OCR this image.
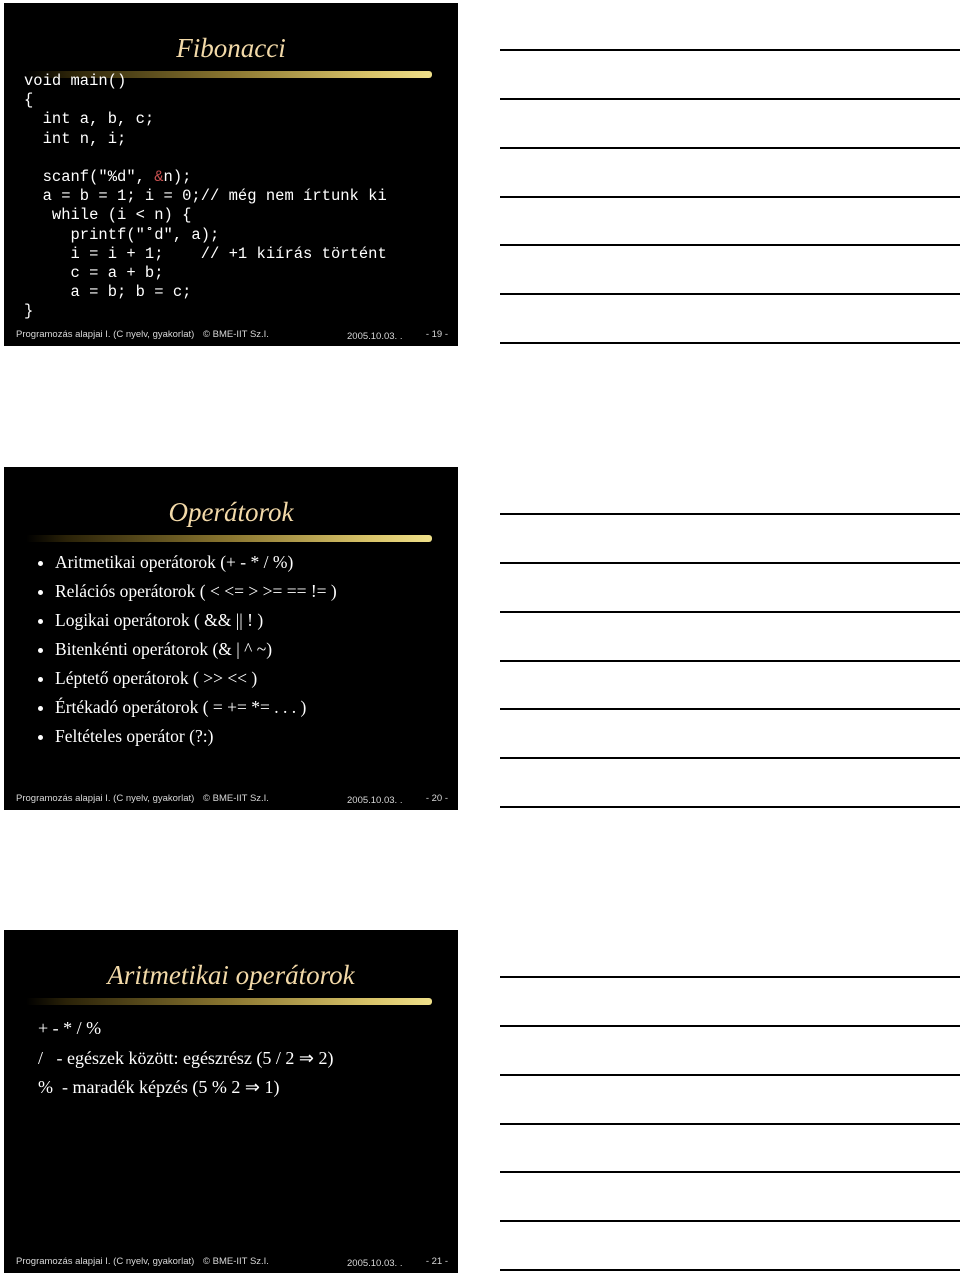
Fibonacci
void main()
{
int a, b, c;
int n, i;
scanf("%d", &n);
a = b = 1; i = 0;// még nem írtunk ki
while (i < n) {
printf("˚d", a);
i = i + 1;    // +1 kiírás történt
c = a + b;
a = b; b = c;
}
Programozás alapjai I. (C nyelv, gyakorlat) © BME-IIT Sz.I.	2005.10.03. . - 19 -
Operátorok
Programozás alapjai I. (C nyelv, gyakorlat) © BME-IIT Sz.I.	2005.10.03. . - 20 -
Aritmetikai operátorok (+ - * / %)
Relációs operátorok ( < <= > >= == != )
Logikai operátorok ( && || ! )
Bitenkénti operátorok (& | ^ ~)
Léptető operátorok ( >> << )
Értékadó operátorok ( = += *= . . . )
Feltételes operátor (?:)
Aritmetikai operátorok
Programozás alapjai I. (C nyelv, gyakorlat) © BME-IIT Sz.I.	2005.10.03. . - 21 -
+ - * / %
/   - egészek között: egészrész (5 / 2 ⇒ 2)
%  - maradék képzés (5 % 2 ⇒ 1)
